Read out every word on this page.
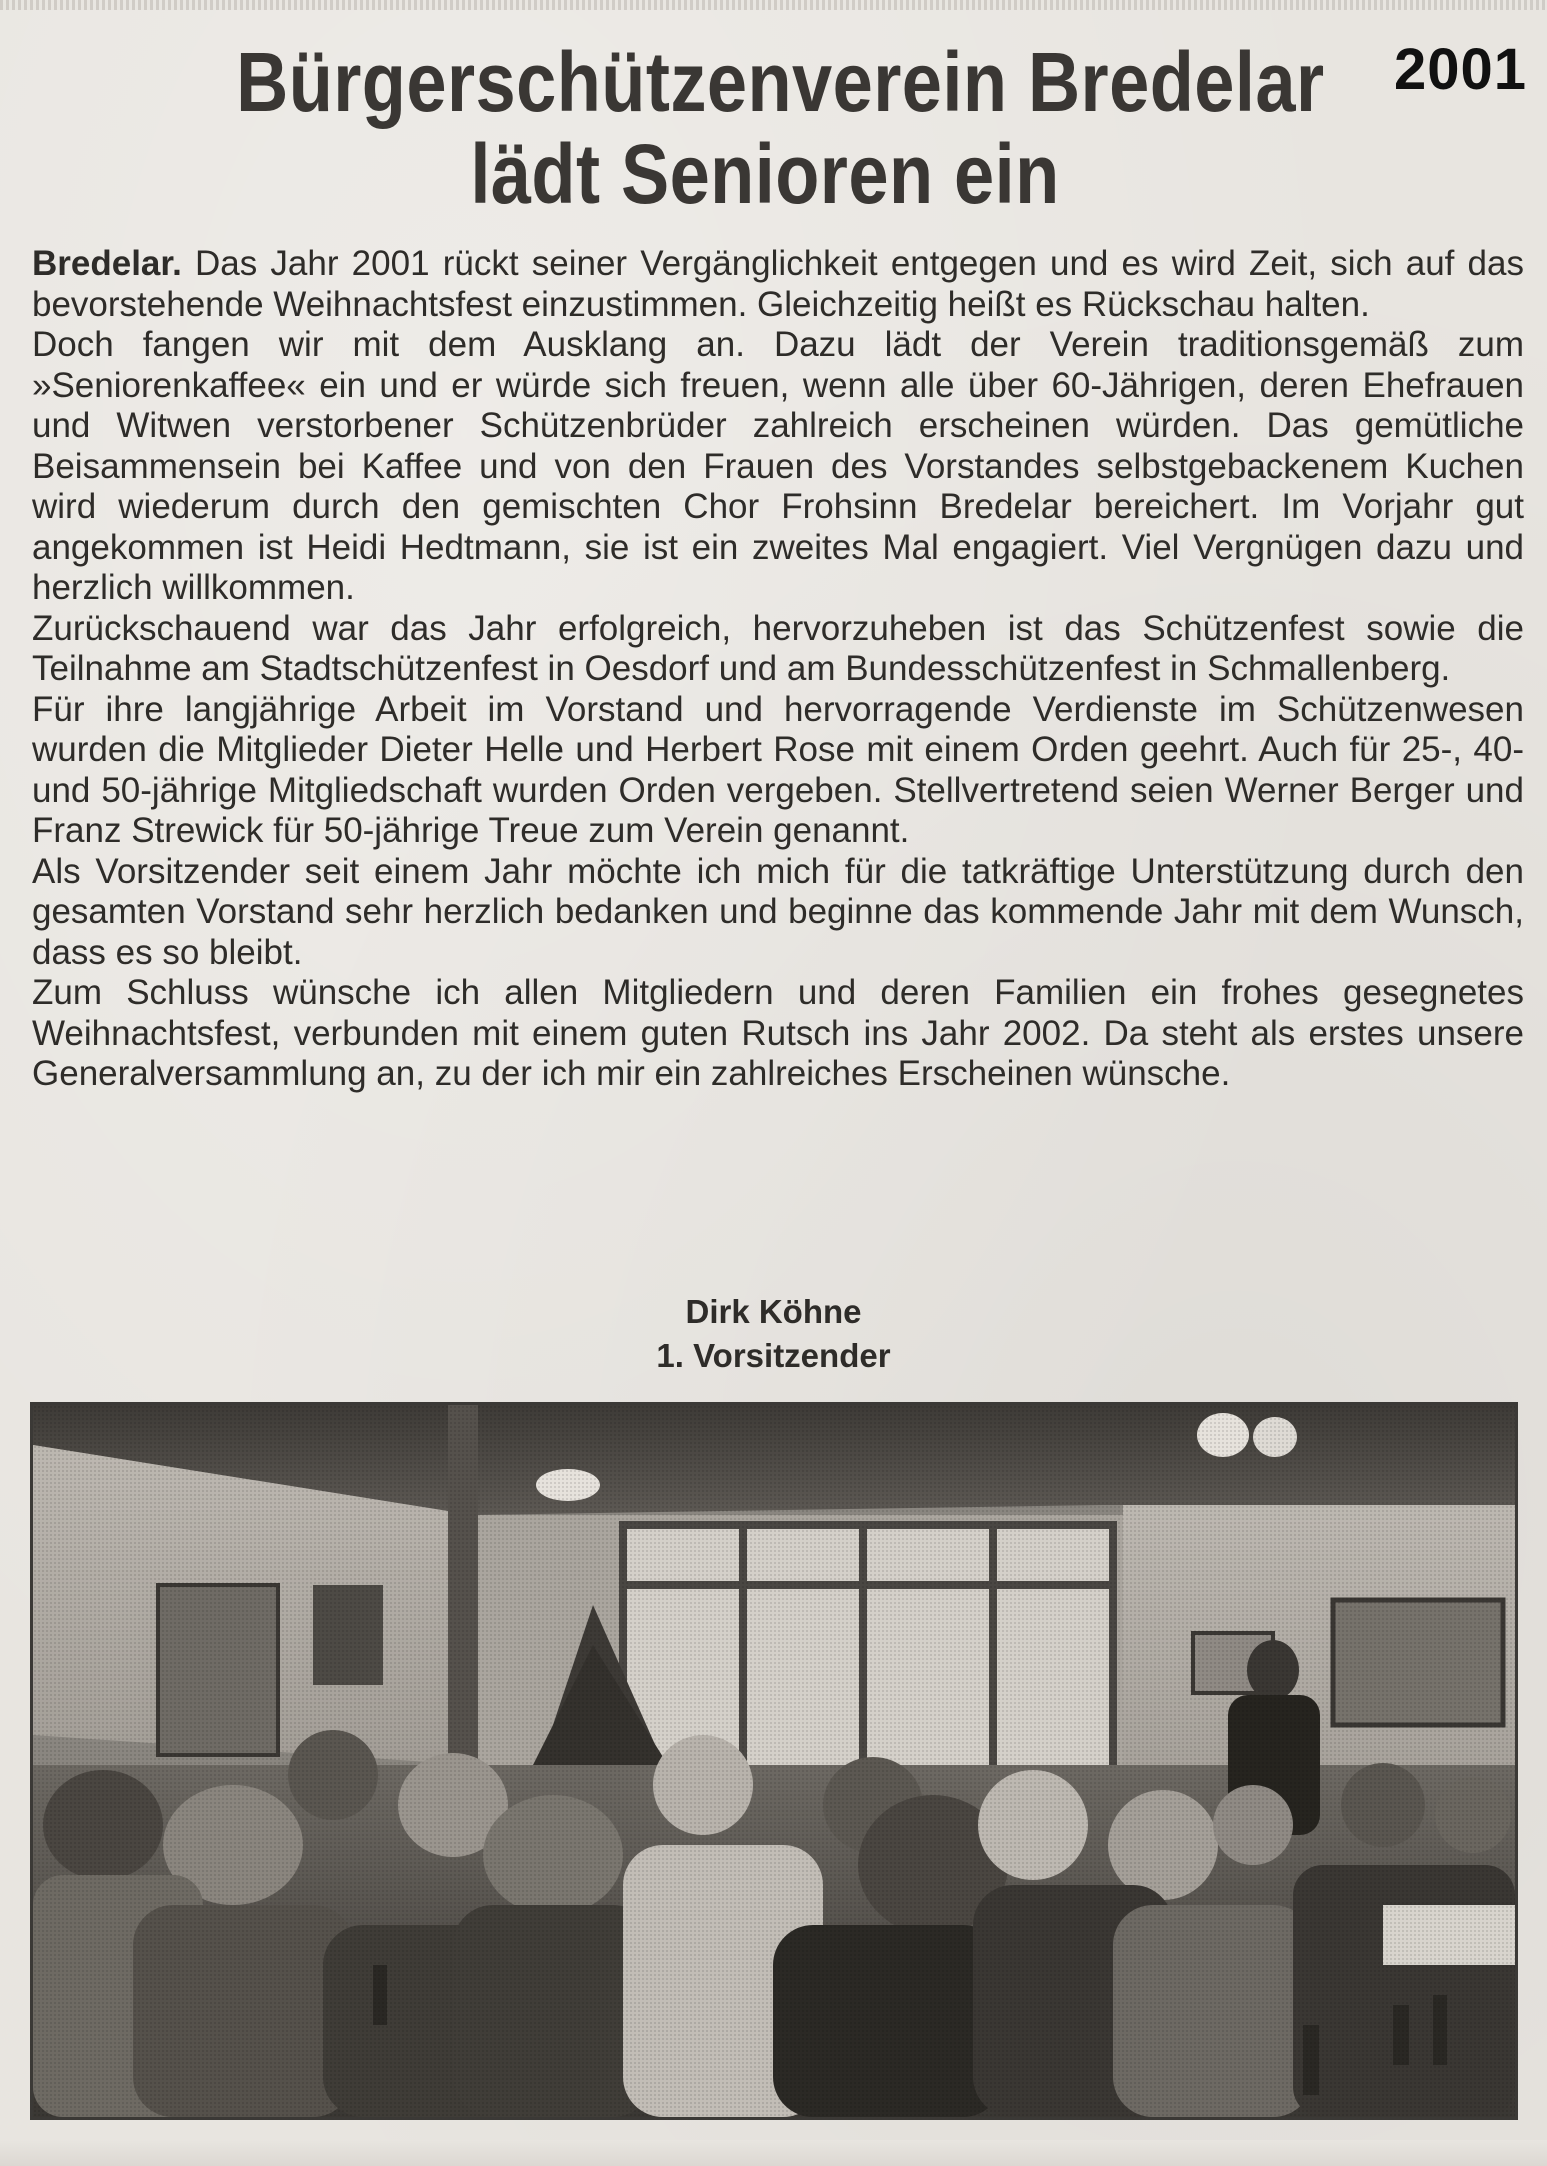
2001
Bürgerschützenverein Bredelar
lädt Senioren ein

Bredelar. Das Jahr 2001 rückt seiner Vergänglichkeit entgegen und es wird Zeit, sich auf das bevorstehende Weihnachtsfest einzustimmen. Gleichzeitig heißt es Rückschau halten.

Doch fangen wir mit dem Ausklang an. Dazu lädt der Verein traditionsgemäß zum »Seniorenkaffee« ein und er würde sich freuen, wenn alle über 60-Jährigen, deren Ehefrauen und Witwen verstorbener Schützenbrüder zahlreich erscheinen würden. Das gemütliche Beisammensein bei Kaffee und von den Frauen des Vorstandes selbstgebackenem Kuchen wird wiederum durch den gemischten Chor Frohsinn Bredelar bereichert. Im Vorjahr gut angekommen ist Heidi Hedtmann, sie ist ein zweites Mal engagiert. Viel Vergnügen dazu und herzlich willkommen.

Zurückschauend war das Jahr erfolgreich, hervorzuheben ist das Schützenfest sowie die Teilnahme am Stadtschützenfest in Oesdorf und am Bundesschützenfest in Schmallenberg.

Für ihre langjährige Arbeit im Vorstand und hervorragende Verdienste im Schützenwesen wurden die Mitglieder Dieter Helle und Herbert Rose mit einem Orden geehrt. Auch für 25-, 40- und 50-jährige Mitgliedschaft wurden Orden vergeben. Stellvertretend seien Werner Berger und Franz Strewick für 50-jährige Treue zum Verein genannt.

Als Vorsitzender seit einem Jahr möchte ich mich für die tatkräftige Unterstützung durch den gesamten Vorstand sehr herzlich bedanken und beginne das kommende Jahr mit dem Wunsch, dass es so bleibt.

Zum Schluss wünsche ich allen Mitgliedern und deren Familien ein frohes gesegnetes Weihnachtsfest, verbunden mit einem guten Rutsch ins Jahr 2002. Da steht als erstes unsere Generalversammlung an, zu der ich mir ein zahlreiches Erscheinen wünsche.

Dirk Köhne
1. Vorsitzender
